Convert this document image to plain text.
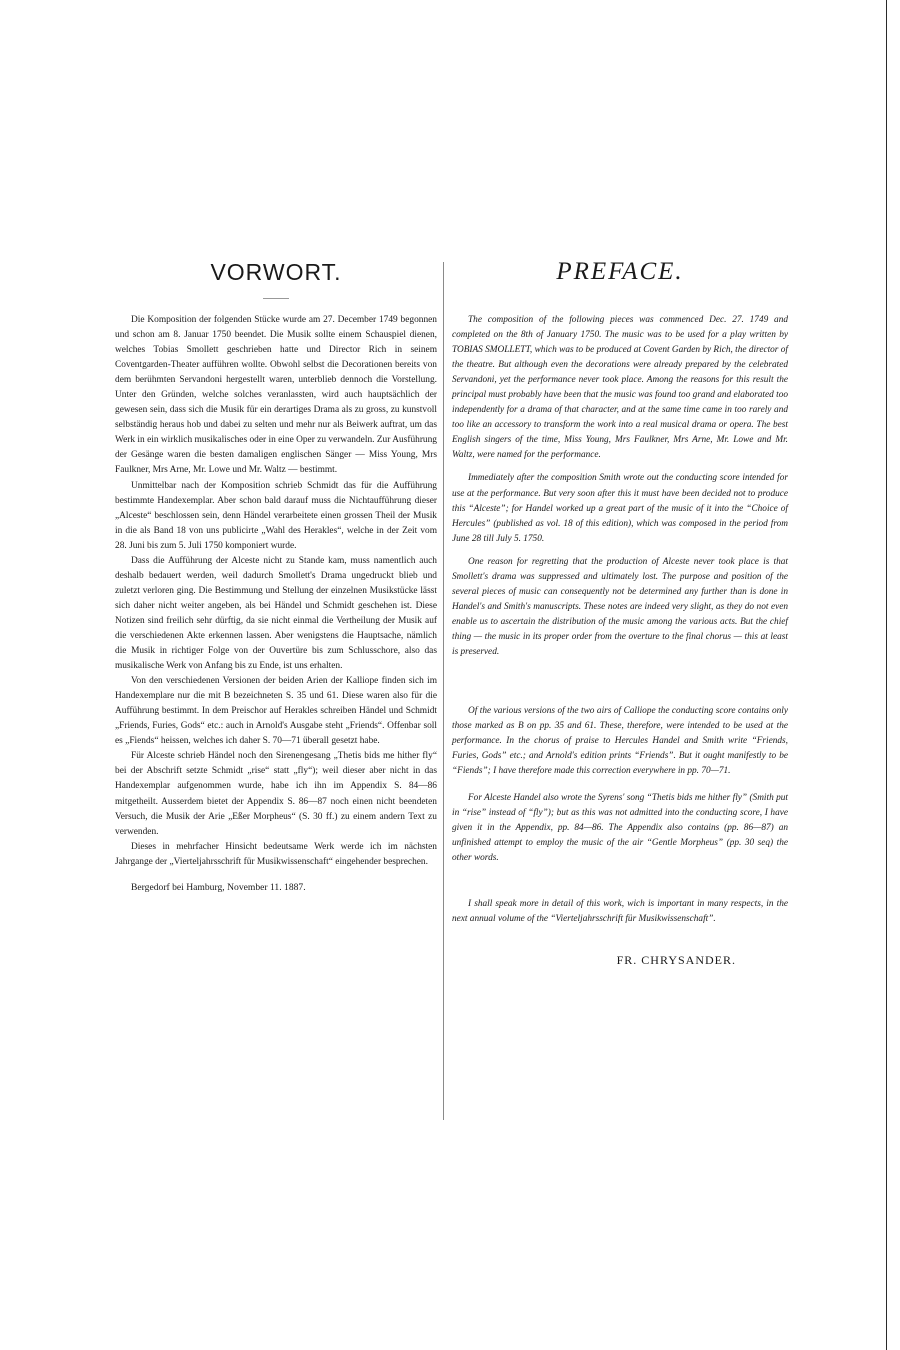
VORWORT.

Die Komposition der folgenden Stücke wurde am 27. December 1749 begonnen und schon am 8. Januar 1750 beendet. Die Musik sollte einem Schauspiel dienen, welches Tobias Smollett geschrieben hatte und Director Rich in seinem Coventgarden-Theater aufführen wollte. Obwohl selbst die Decorationen bereits von dem berühmten Servandoni hergestellt waren, unterblieb dennoch die Vorstellung. Unter den Gründen, welche solches veranlassten, wird auch hauptsächlich der gewesen sein, dass sich die Musik für ein derartiges Drama als zu gross, zu kunstvoll selbständig heraus hob und dabei zu selten und mehr nur als Beiwerk auftrat, um das Werk in ein wirklich musikalisches oder in eine Oper zu verwandeln. Zur Ausführung der Gesänge waren die besten damaligen englischen Sänger — Miss Young, Mrs Faulkner, Mrs Arne, Mr. Lowe und Mr. Waltz — bestimmt.

Unmittelbar nach der Komposition schrieb Schmidt das für die Aufführung bestimmte Handexemplar. Aber schon bald darauf muss die Nichtaufführung dieser „Alceste“ beschlossen sein, denn Händel verarbeitete einen grossen Theil der Musik in die als Band 18 von uns publicirte „Wahl des Herakles“, welche in der Zeit vom 28. Juni bis zum 5. Juli 1750 komponiert wurde.

Dass die Aufführung der Alceste nicht zu Stande kam, muss namentlich auch deshalb bedauert werden, weil dadurch Smollett's Drama ungedruckt blieb und zuletzt verloren ging. Die Bestimmung und Stellung der einzelnen Musikstücke lässt sich daher nicht weiter angeben, als bei Händel und Schmidt geschehen ist. Diese Notizen sind freilich sehr dürftig, da sie nicht einmal die Vertheilung der Musik auf die verschiedenen Akte erkennen lassen. Aber wenigstens die Hauptsache, nämlich die Musik in richtiger Folge von der Ouvertüre bis zum Schlusschore, also das musikalische Werk von Anfang bis zu Ende, ist uns erhalten.

Von den verschiedenen Versionen der beiden Arien der Kalliope finden sich im Handexemplare nur die mit B bezeichneten S. 35 und 61. Diese waren also für die Aufführung bestimmt. In dem Preischor auf Herakles schreiben Händel und Schmidt „Friends, Furies, Gods“ etc.: auch in Arnold's Ausgabe steht „Friends“. Offenbar soll es „Fiends“ heissen, welches ich daher S. 70—71 überall gesetzt habe.

Für Alceste schrieb Händel noch den Sirenengesang „Thetis bids me hither fly“ bei der Abschrift setzte Schmidt „rise“ statt „fly“); weil dieser aber nicht in das Handexemplar aufgenommen wurde, habe ich ihn im Appendix S. 84—86 mitgetheilt. Ausserdem bietet der Appendix S. 86—87 noch einen nicht beendeten Versuch, die Musik der Arie „Eßer Morpheus“ (S. 30 ff.) zu einem andern Text zu verwenden.

Dieses in mehrfacher Hinsicht bedeutsame Werk werde ich im nächsten Jahrgange der „Vierteljahrsschrift für Musikwissenschaft“ eingehender besprechen.

Bergedorf bei Hamburg, November 11. 1887.
PREFACE.

The composition of the following pieces was commenced Dec. 27. 1749 and completed on the 8th of January 1750. The music was to be used for a play written by TOBIAS SMOLLETT, which was to be produced at Covent Garden by Rich, the director of the theatre. But although even the decorations were already prepared by the celebrated Servandoni, yet the performance never took place. Among the reasons for this result the principal must probably have been that the music was found too grand and elaborated too independently for a drama of that character, and at the same time came in too rarely and too like an accessory to transform the work into a real musical drama or opera. The best English singers of the time, Miss Young, Mrs Faulkner, Mrs Arne, Mr. Lowe and Mr. Waltz, were named for the performance.

Immediately after the composition Smith wrote out the conducting score intended for use at the performance. But very soon after this it must have been decided not to produce this “Alceste”; for Handel worked up a great part of the music of it into the “Choice of Hercules” (published as vol. 18 of this edition), which was composed in the period from June 28 till July 5. 1750.

One reason for regretting that the production of Alceste never took place is that Smollett's drama was suppressed and ultimately lost. The purpose and position of the several pieces of music can consequently not be determined any further than is done in Handel's and Smith's manuscripts. These notes are indeed very slight, as they do not even enable us to ascertain the distribution of the music among the various acts. But the chief thing — the music in its proper order from the overture to the final chorus — this at least is preserved.

Of the various versions of the two airs of Calliope the conducting score contains only those marked as B on pp. 35 and 61. These, therefore, were intended to be used at the performance. In the chorus of praise to Hercules Handel and Smith write “Friends, Furies, Gods” etc.; and Arnold's edition prints “Friends”. But it ought manifestly to be “Fiends”; I have therefore made this correction everywhere in pp. 70—71.

For Alceste Handel also wrote the Syrens' song “Thetis bids me hither fly” (Smith put in “rise” instead of “fly”); but as this was not admitted into the conducting score, I have given it in the Appendix, pp. 84—86. The Appendix also contains (pp. 86—87) an unfinished attempt to employ the music of the air “Gentle Morpheus” (pp. 30 seq) the other words.

I shall speak more in detail of this work, wich is important in many respects, in the next annual volume of the “Vierteljahrsschrift für Musikwissenschaft”.

FR. CHRYSANDER.
